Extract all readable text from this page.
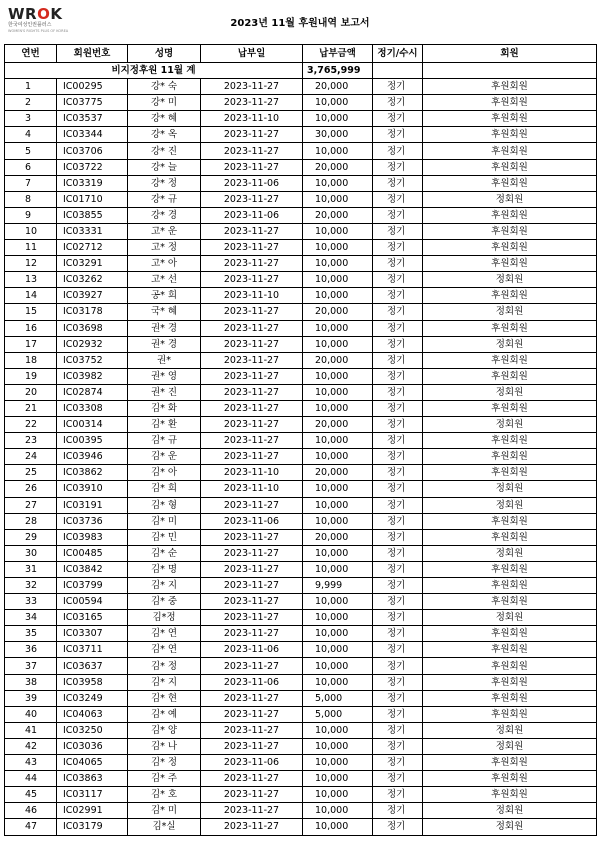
WROK
한국여성인권플러스
WOMEN'S RIGHTS PLUS OF KOREA
2023년 11월 후원내역 보고서
연번	회원번호	성명	납부일	납부금액	정기/수시	회원
비지정후원 11월 계				3,765,999		
1	IC00295	강* 숙	2023-11-27	20,000	정기	후원회원
2	IC03775	강* 미	2023-11-27	10,000	정기	후원회원
3	IC03537	강* 혜	2023-11-10	10,000	정기	후원회원
4	IC03344	강* 옥	2023-11-27	30,000	정기	후원회원
5	IC03706	강* 진	2023-11-27	10,000	정기	후원회원
6	IC03722	강* 늘	2023-11-27	20,000	정기	후원회원
7	IC03319	강* 정	2023-11-06	10,000	정기	후원회원
8	IC01710	강* 규	2023-11-27	10,000	정기	정회원
9	IC03855	강* 경	2023-11-06	20,000	정기	후원회원
10	IC03331	고* 운	2023-11-27	10,000	정기	후원회원
11	IC02712	고* 정	2023-11-27	10,000	정기	후원회원
12	IC03291	고* 아	2023-11-27	10,000	정기	후원회원
13	IC03262	고* 선	2023-11-27	10,000	정기	정회원
14	IC03927	공* 희	2023-11-10	10,000	정기	후원회원
15	IC03178	국* 혜	2023-11-27	20,000	정기	정회원
16	IC03698	권* 경	2023-11-27	10,000	정기	후원회원
17	IC02932	권* 경	2023-11-27	10,000	정기	정회원
18	IC03752	권*	2023-11-27	20,000	정기	후원회원
19	IC03982	권* 영	2023-11-27	10,000	정기	후원회원
20	IC02874	권* 진	2023-11-27	10,000	정기	정회원
21	IC03308	김* 화	2023-11-27	10,000	정기	후원회원
22	IC00314	김* 환	2023-11-27	20,000	정기	정회원
23	IC00395	김* 규	2023-11-27	10,000	정기	후원회원
24	IC03946	김* 운	2023-11-27	10,000	정기	후원회원
25	IC03862	김* 아	2023-11-10	20,000	정기	후원회원
26	IC03910	김* 희	2023-11-10	10,000	정기	정회원
27	IC03191	김* 형	2023-11-27	10,000	정기	정회원
28	IC03736	김* 미	2023-11-06	10,000	정기	후원회원
29	IC03983	김* 민	2023-11-27	20,000	정기	후원회원
30	IC00485	김* 순	2023-11-27	10,000	정기	정회원
31	IC03842	김* 명	2023-11-27	10,000	정기	후원회원
32	IC03799	김* 지	2023-11-27	9,999	정기	후원회원
33	IC00594	김* 중	2023-11-27	10,000	정기	후원회원
34	IC03165	김*정	2023-11-27	10,000	정기	정회원
35	IC03307	김* 연	2023-11-27	10,000	정기	후원회원
36	IC03711	김* 연	2023-11-06	10,000	정기	후원회원
37	IC03637	김* 정	2023-11-27	10,000	정기	후원회원
38	IC03958	김* 지	2023-11-06	10,000	정기	후원회원
39	IC03249	김* 현	2023-11-27	5,000	정기	후원회원
40	IC04063	김* 예	2023-11-27	5,000	정기	후원회원
41	IC03250	김* 양	2023-11-27	10,000	정기	정회원
42	IC03036	김* 나	2023-11-27	10,000	정기	정회원
43	IC04065	김* 정	2023-11-06	10,000	정기	후원회원
44	IC03863	김* 주	2023-11-27	10,000	정기	후원회원
45	IC03117	김* 호	2023-11-27	10,000	정기	후원회원
46	IC02991	김* 미	2023-11-27	10,000	정기	정회원
47	IC03179	김*실	2023-11-27	10,000	정기	정회원
